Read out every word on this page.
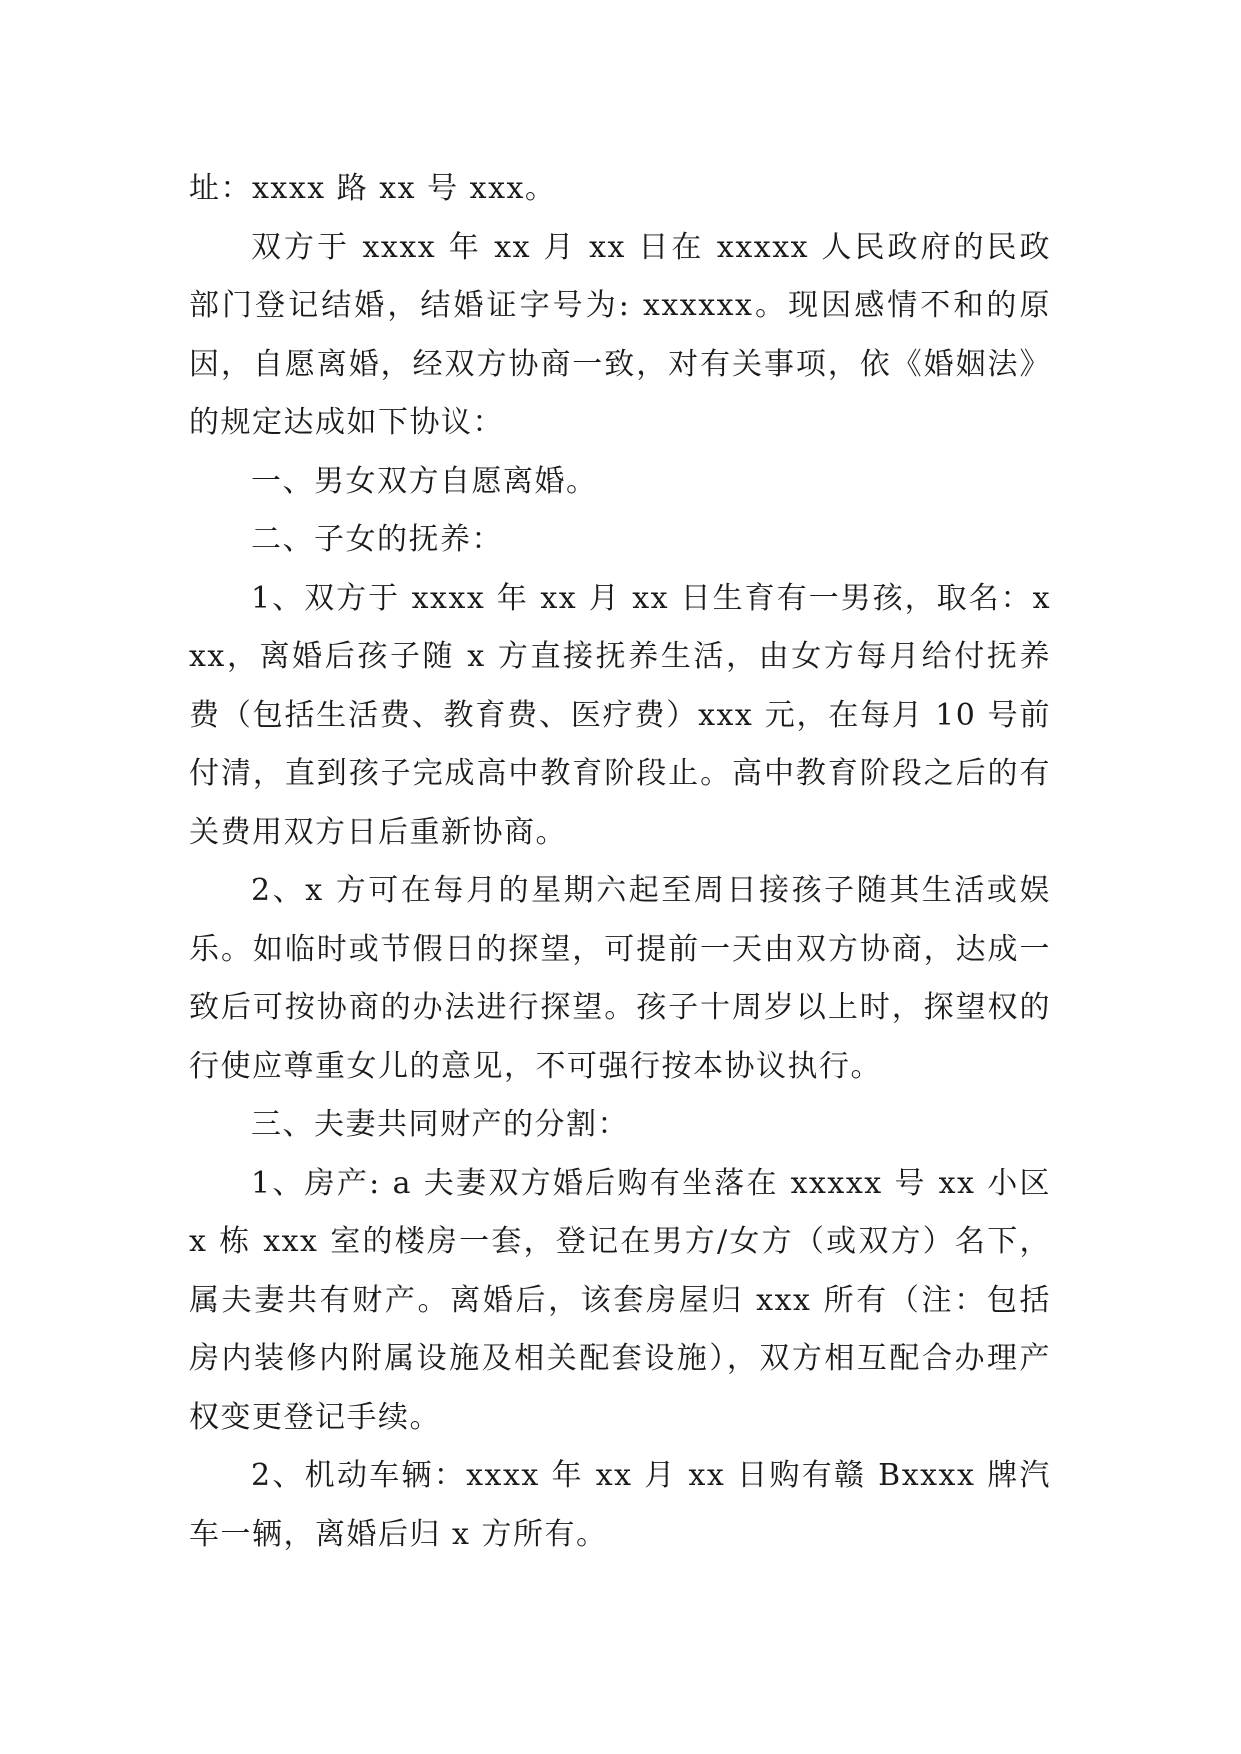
址：xxxx 路 xx 号 xxx。

双方于 xxxx 年 xx 月 xx 日在 xxxxx 人民政府的民政部门登记结婚，结婚证字号为: xxxxxx。现因感情不和的原因，自愿离婚，经双方协商一致，对有关事项，依《婚姻法》的规定达成如下协议：

一、男女双方自愿离婚。

二、子女的抚养：

1、双方于 xxxx 年 xx 月 xx 日生育有一男孩，取名：xxx，离婚后孩子随 x 方直接抚养生活，由女方每月给付抚养费（包括生活费、教育费、医疗费）xxx 元，在每月 10 号前付清，直到孩子完成高中教育阶段止。高中教育阶段之后的有关费用双方日后重新协商。

2、x 方可在每月的星期六起至周日接孩子随其生活或娱乐。如临时或节假日的探望，可提前一天由双方协商，达成一致后可按协商的办法进行探望。孩子十周岁以上时，探望权的行使应尊重女儿的意见，不可强行按本协议执行。

三、夫妻共同财产的分割：

1、房产: a 夫妻双方婚后购有坐落在 xxxxx 号 xx 小区 x 栋 xxx 室的楼房一套，登记在男方/女方（或双方）名下，属夫妻共有财产。离婚后，该套房屋归 xxx 所有（注：包括房内装修内附属设施及相关配套设施），双方相互配合办理产权变更登记手续。

2、机动车辆：xxxx 年 xx 月 xx 日购有赣 Bxxxx 牌汽车一辆，离婚后归 x 方所有。
